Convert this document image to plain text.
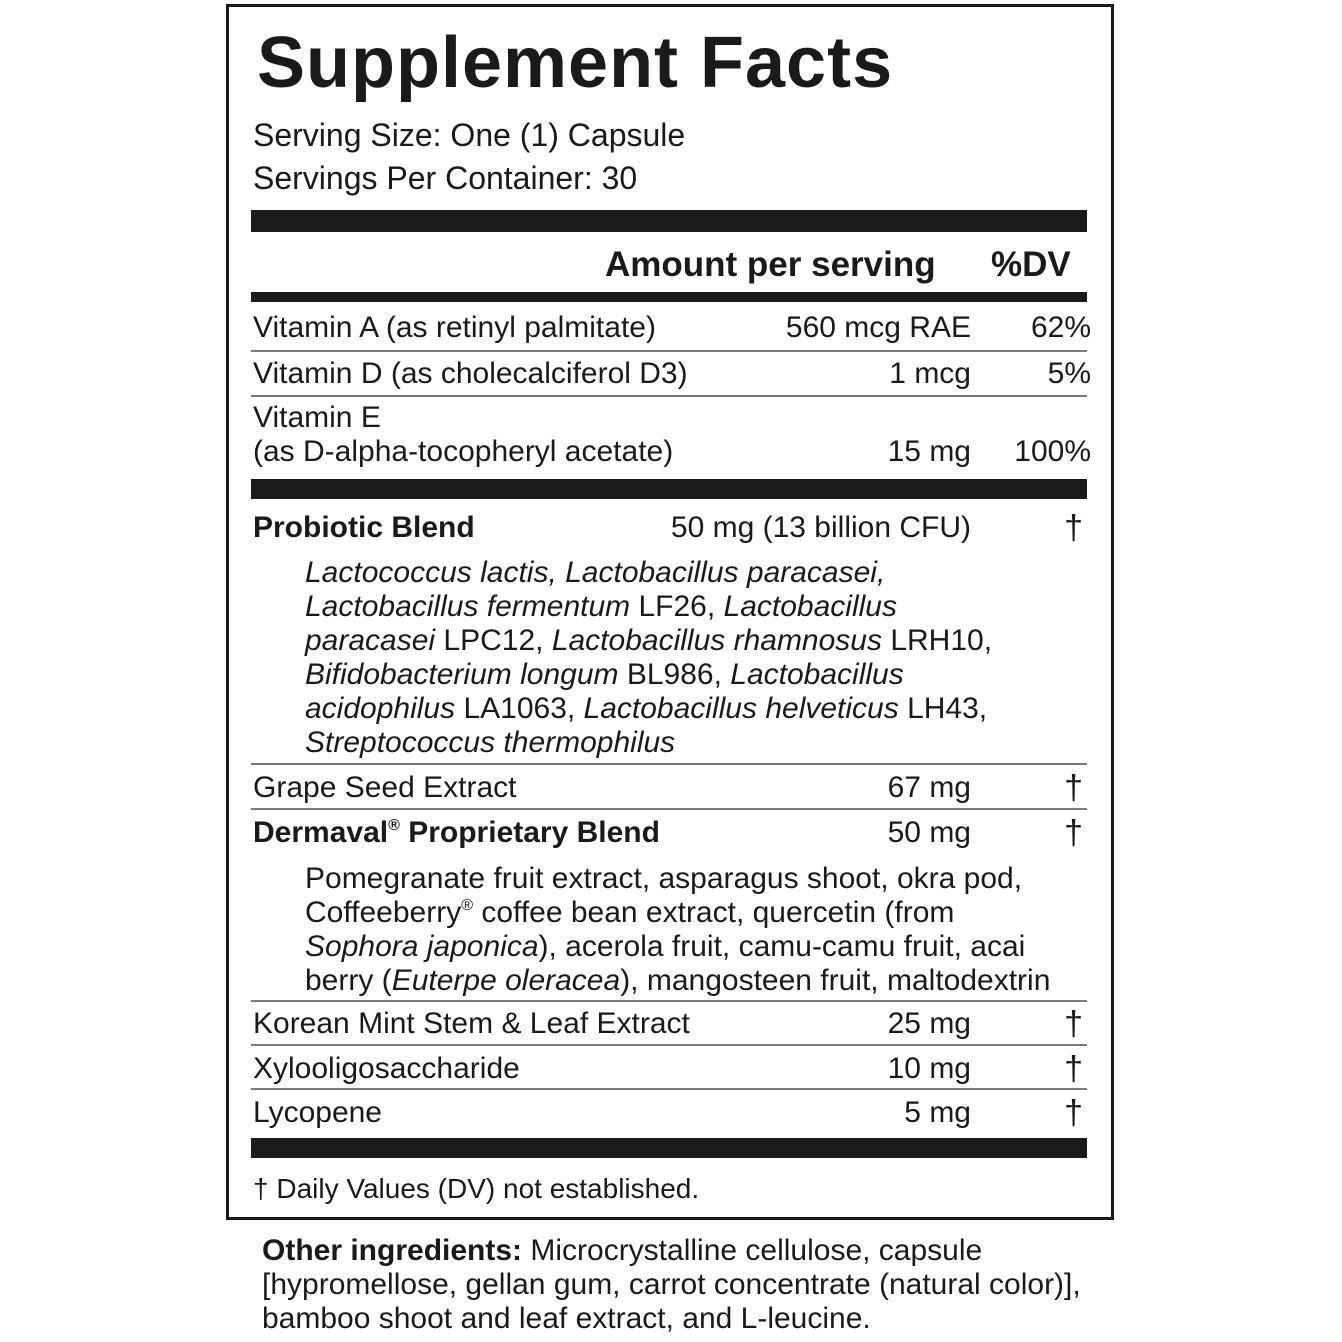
Supplement Facts
Serving Size: One (1) Capsule
Servings Per Container: 30
Amount per serving %DV
Vitamin A (as retinyl palmitate)	560 mcg RAE 62%
Vitamin D (as cholecalciferol D3)	1 mcg	5%
Vitamin E
(as D-alpha-tocopheryl acetate)	15 mg 100%
Probiotic Blend	50 mg (13 billion CFU)	†
Lactococcus lactis, Lactobacillus paracasei,
Lactobacillus fermentum LF26, Lactobacillus
paracasei LPC12, Lactobacillus rhamnosus LRH10,
Bifidobacterium longum BL986, Lactobacillus
acidophilus LA1063, Lactobacillus helveticus LH43,
Streptococcus thermophilus
Grape Seed Extract	67 mg	†
Dermaval® Proprietary Blend	50 mg	†
Pomegranate fruit extract, asparagus shoot, okra pod,
Coffeeberry® coffee bean extract, quercetin (from
Sophora japonica), acerola fruit, camu-camu fruit, acai
berry (Euterpe oleracea), mangosteen fruit, maltodextrin
Korean Mint Stem & Leaf Extract	25 mg	†
Xylooligosaccharide	10 mg	†
Lycopene	5 mg	†
† Daily Values (DV) not established.
Other ingredients: Microcrystalline cellulose, capsule [hypromellose, gellan gum, carrot concentrate (natural color)], bamboo shoot and leaf extract, and L-leucine.
